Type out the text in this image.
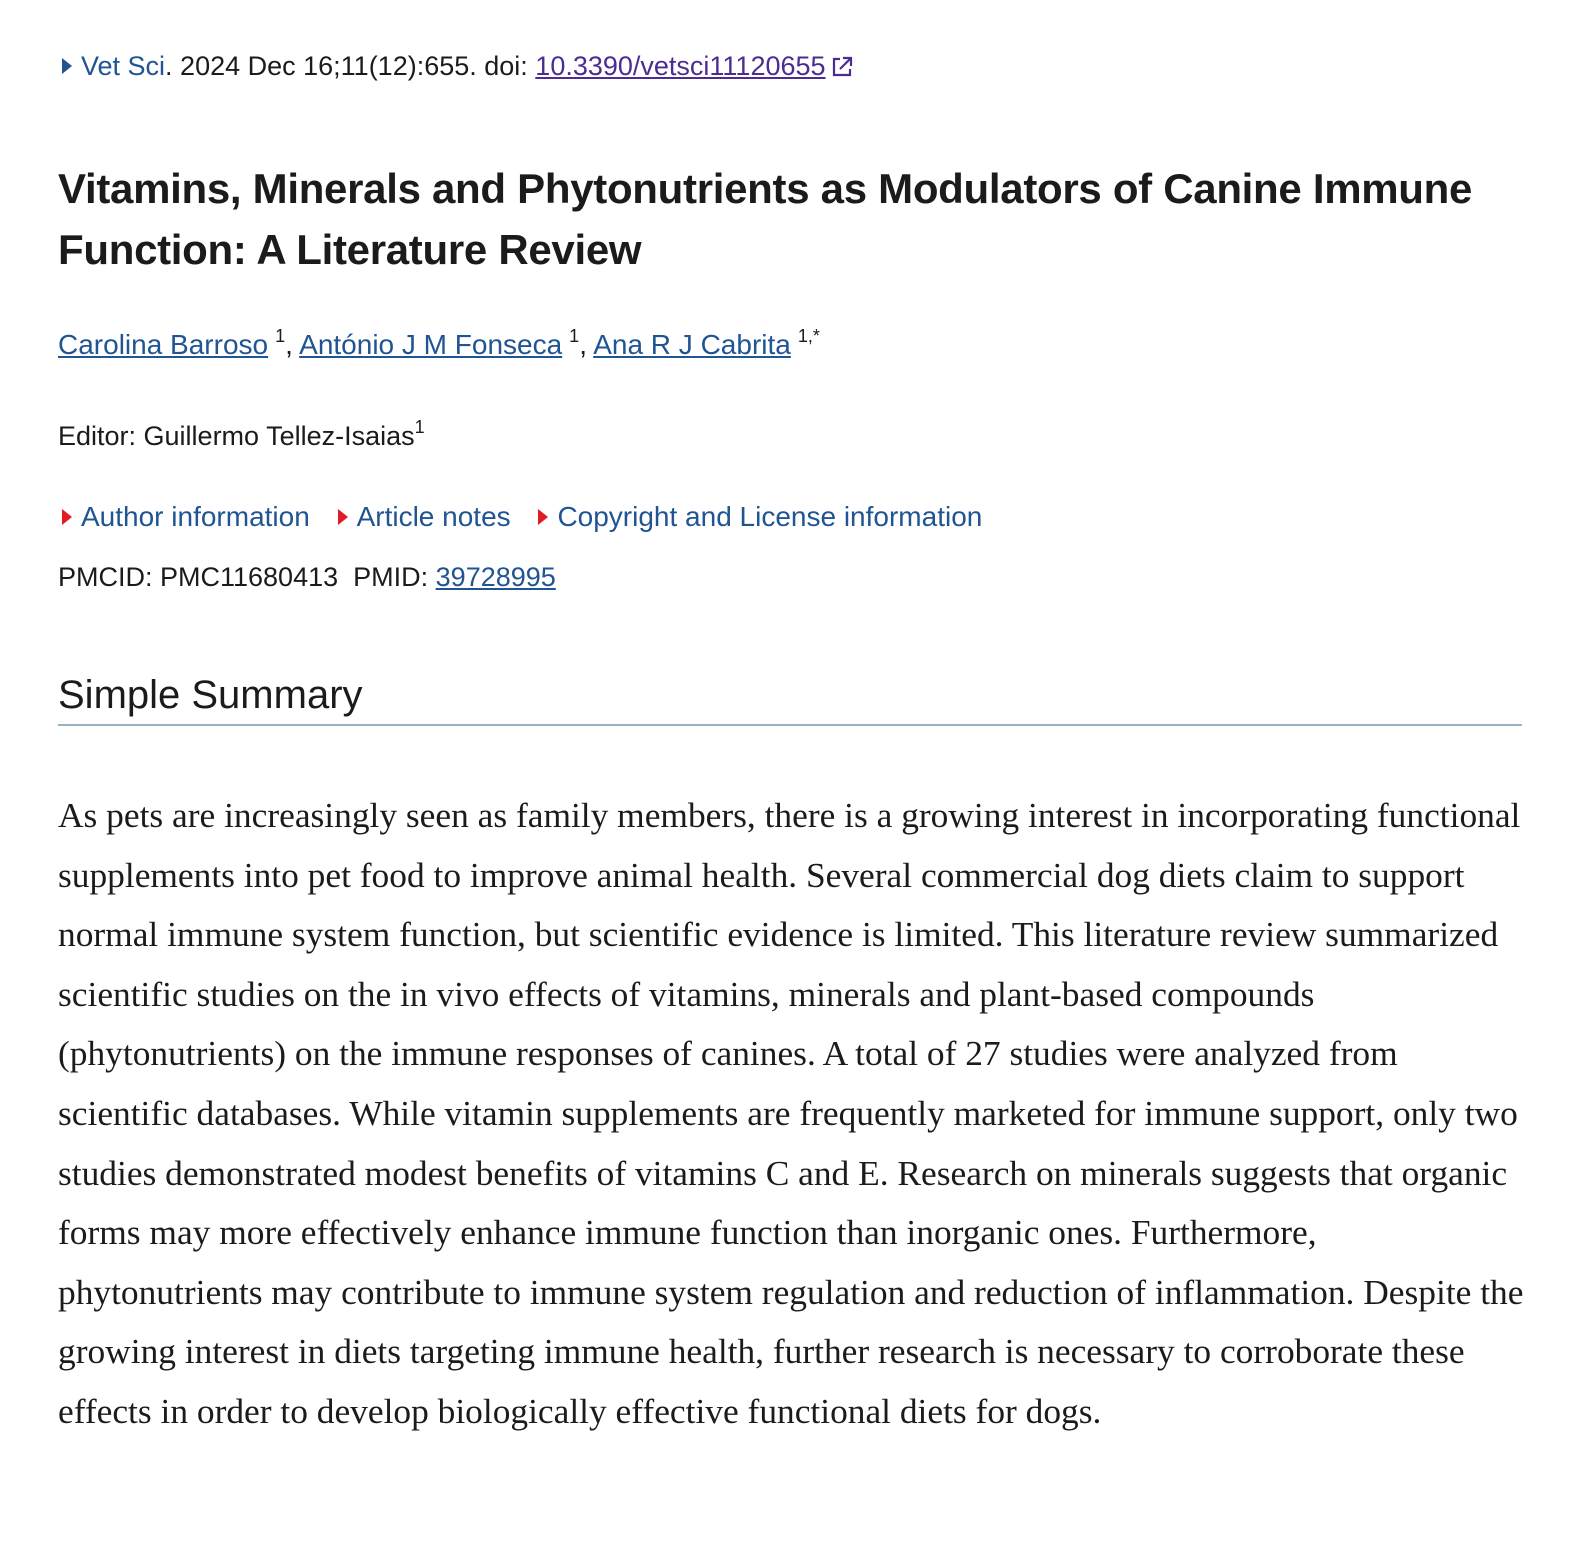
Vet Sci. 2024 Dec 16;11(12):655. doi: 10.3390/vetsci11120655
Vitamins, Minerals and Phytonutrients as Modulators of Canine Immune Function: A Literature Review
Carolina Barroso $^1$, António J M Fonseca $^1$, Ana R J Cabrita $^{1,*}$
Editor: Guillermo Tellez-Isaias$^1$
Author information Article notes Copyright and License information
PMCID: PMC11680413 PMID: 39728995
Simple Summary

As pets are increasingly seen as family members, there is a growing interest in incorporating functional supplements into pet food to improve animal health. Several commercial dog diets claim to support normal immune system function, but scientific evidence is limited. This literature review summarized scientific studies on the in vivo effects of vitamins, minerals and plant-based compounds (phytonutrients) on the immune responses of canines. A total of 27 studies were analyzed from scientific databases. While vitamin supplements are frequently marketed for immune support, only two studies demonstrated modest benefits of vitamins C and E. Research on minerals suggests that organic forms may more effectively enhance immune function than inorganic ones. Furthermore, phytonutrients may contribute to immune system regulation and reduction of inflammation. Despite the growing interest in diets targeting immune health, further research is necessary to corroborate these effects in order to develop biologically effective functional diets for dogs.
